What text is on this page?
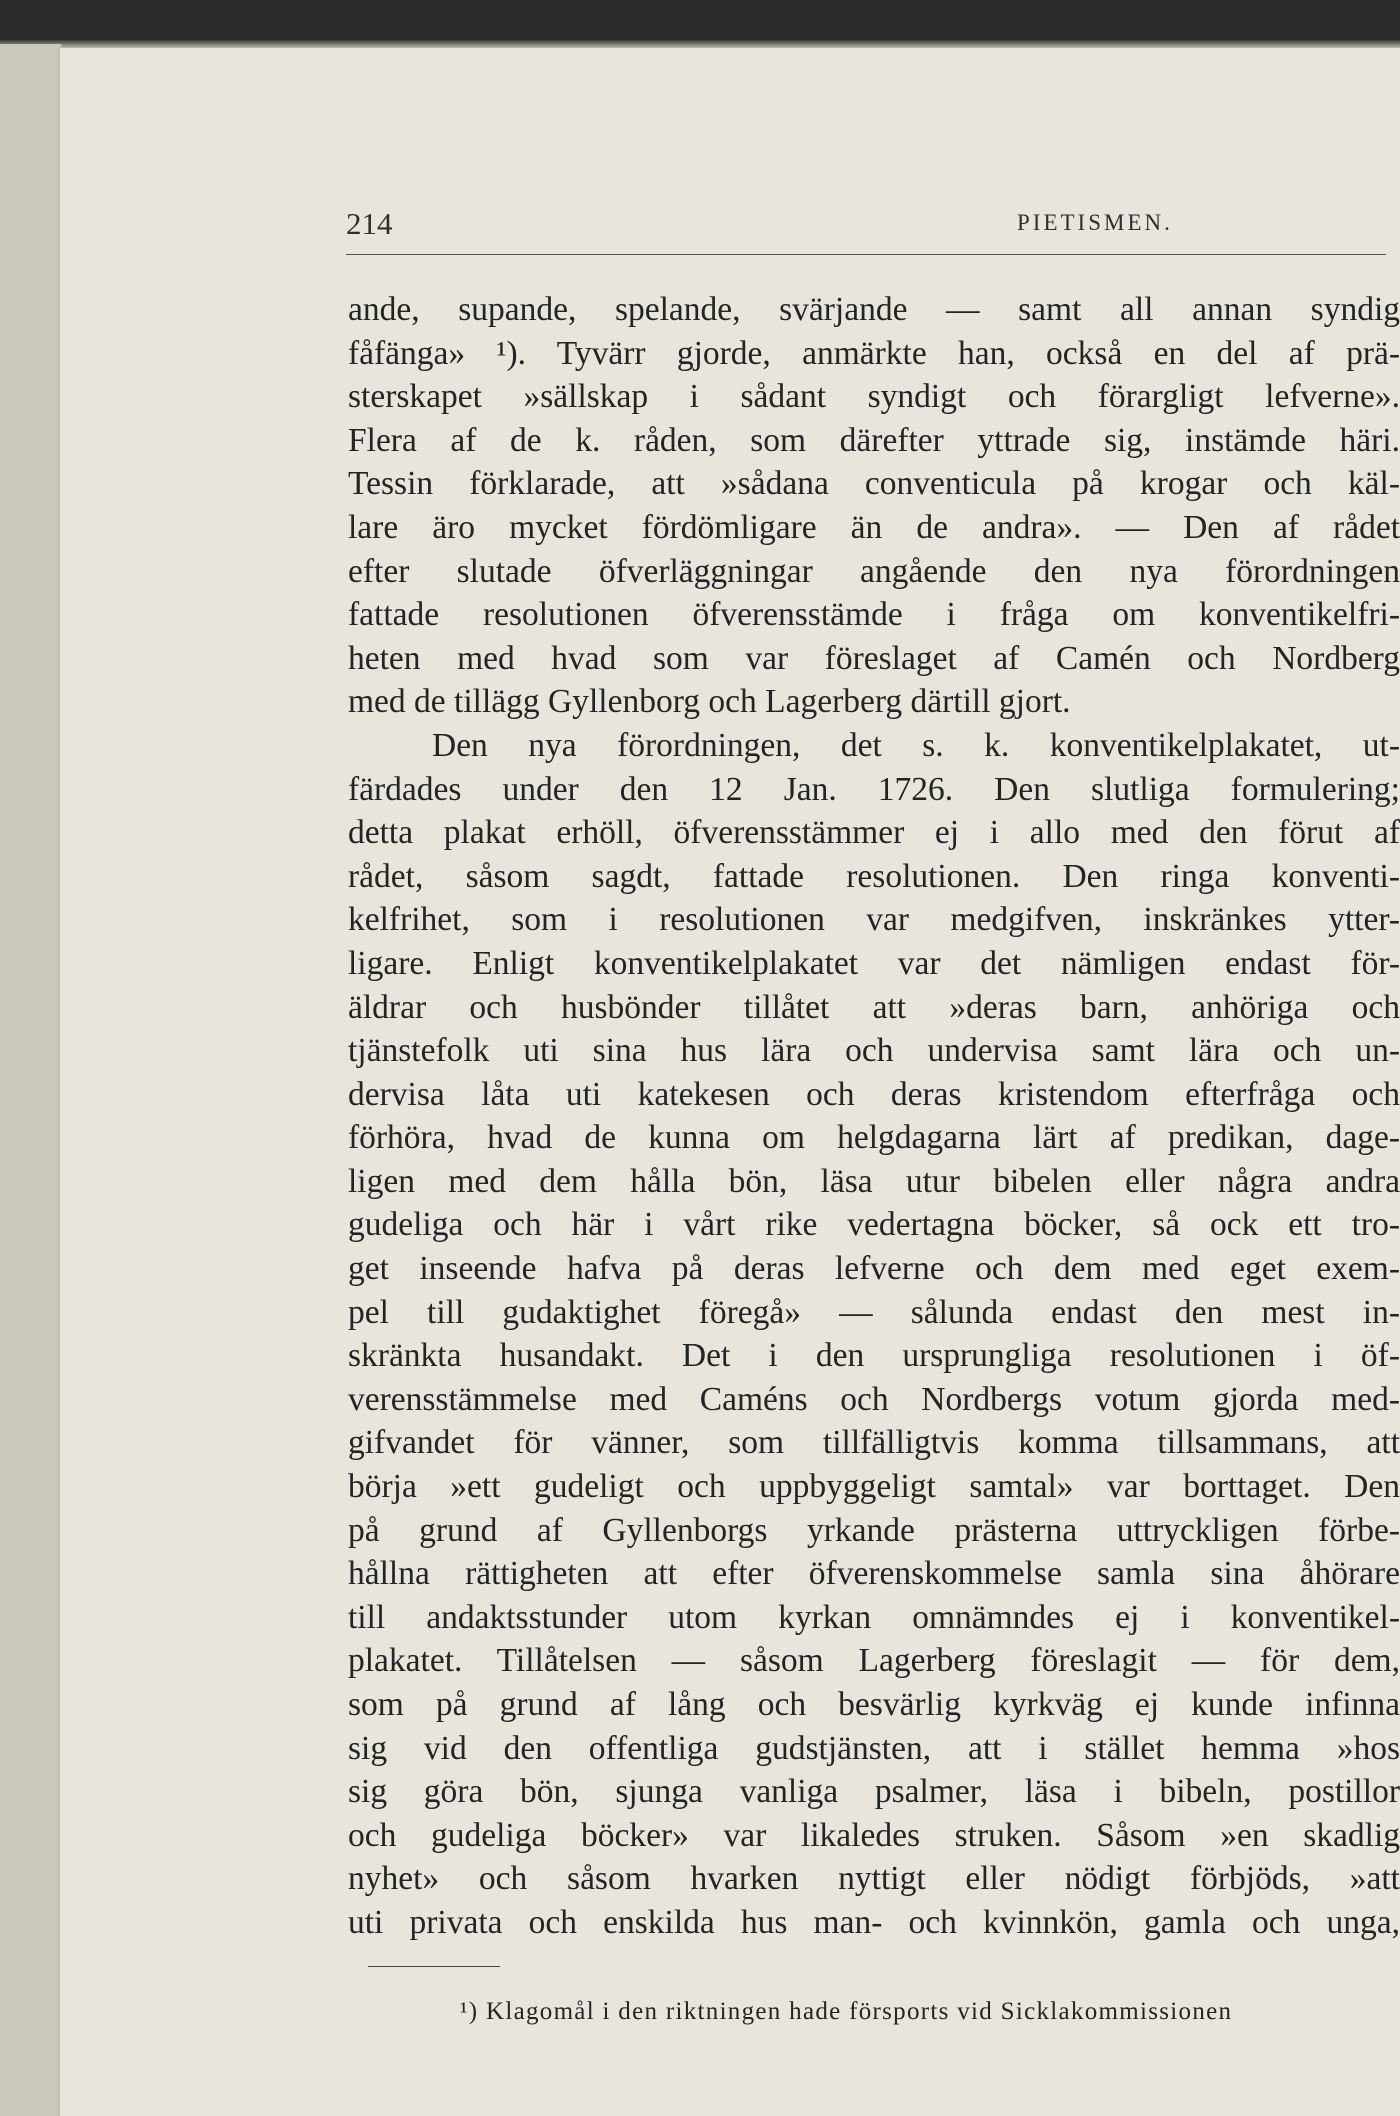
214	PIETISMEN.
ande, supande, spelande, svärjande — samt all annan syndig
fåfänga» ¹). Tyvärr gjorde, anmärkte han, också en del af prä-
sterskapet »sällskap i sådant syndigt och förargligt lefverne».
Flera af de k. råden, som därefter yttrade sig, instämde häri.
Tessin förklarade, att »sådana conventicula på krogar och käl-
lare äro mycket fördömligare än de andra». — Den af rådet
efter slutade öfverläggningar angående den nya förordningen
fattade resolutionen öfverensstämde i fråga om konventikelfri-
heten med hvad som var föreslaget af Camén och Nordberg
med de tillägg Gyllenborg och Lagerberg därtill gjort.
Den nya förordningen, det s. k. konventikelplakatet, ut-
färdades under den 12 Jan. 1726. Den slutliga formulering;
detta plakat erhöll, öfverensstämmer ej i allo med den förut af
rådet, såsom sagdt, fattade resolutionen. Den ringa konventi-
kelfrihet, som i resolutionen var medgifven, inskränkes ytter-
ligare. Enligt konventikelplakatet var det nämligen endast för-
äldrar och husbönder tillåtet att »deras barn, anhöriga och
tjänstefolk uti sina hus lära och undervisa samt lära och un-
dervisa låta uti katekesen och deras kristendom efterfråga och
förhöra, hvad de kunna om helgdagarna lärt af predikan, dage-
ligen med dem hålla bön, läsa utur bibelen eller några andra
gudeliga och här i vårt rike vedertagna böcker, så ock ett tro-
get inseende hafva på deras lefverne och dem med eget exem-
pel till gudaktighet föregå» — sålunda endast den mest in-
skränkta husandakt. Det i den ursprungliga resolutionen i öf-
verensstämmelse med Caméns och Nordbergs votum gjorda med-
gifvandet för vänner, som tillfälligtvis komma tillsammans, att
börja »ett gudeligt och uppbyggeligt samtal» var borttaget. Den
på grund af Gyllenborgs yrkande prästerna uttryckligen förbe-
hållna rättigheten att efter öfverenskommelse samla sina åhörare
till andaktsstunder utom kyrkan omnämndes ej i konventikel-
plakatet. Tillåtelsen — såsom Lagerberg föreslagit — för dem,
som på grund af lång och besvärlig kyrkväg ej kunde infinna
sig vid den offentliga gudstjänsten, att i stället hemma »hos
sig göra bön, sjunga vanliga psalmer, läsa i bibeln, postillor
och gudeliga böcker» var likaledes struken. Såsom »en skadlig
nyhet» och såsom hvarken nyttigt eller nödigt förbjöds, »att
uti privata och enskilda hus man- och kvinnkön, gamla och unga,
¹) Klagomål i den riktningen hade försports vid Sicklakommissionen
